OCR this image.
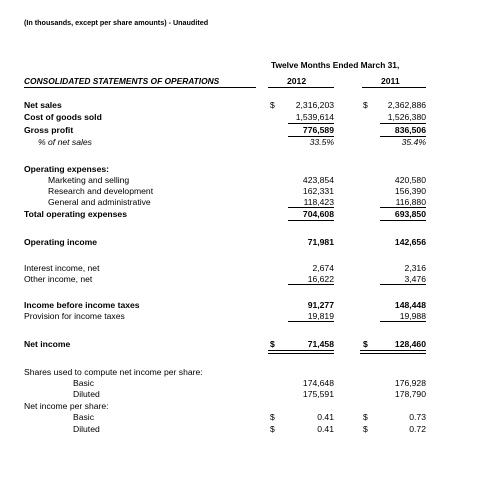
(In thousands, except per share amounts) - Unaudited
Twelve Months Ended March 31,
CONSOLIDATED STATEMENTS OF OPERATIONS	2012	2011
Net sales	$	2,316,203	$	2,362,886
Cost of goods sold	1,539,614	1,526,380
Gross profit	776,589	836,506
% of net sales	33.5%	35.4%
Operating expenses:
Marketing and selling	423,854	420,580
Research and development	162,331	156,390
General and administrative	118,423	116,880
Total operating expenses	704,608	693,850
Operating income	71,981	142,656
Interest income, net	2,674	2,316
Other income, net	16,622	3,476
Income before income taxes	91,277	148,448
Provision for income taxes	19,819	19,988
Net income	$	71,458	$	128,460
Shares used to compute net income per share:
Basic	174,648	176,928
Diluted	175,591	178,790
Net income per share:
Basic	$	0.41	$	0.73
Diluted	$	0.41	$	0.72
